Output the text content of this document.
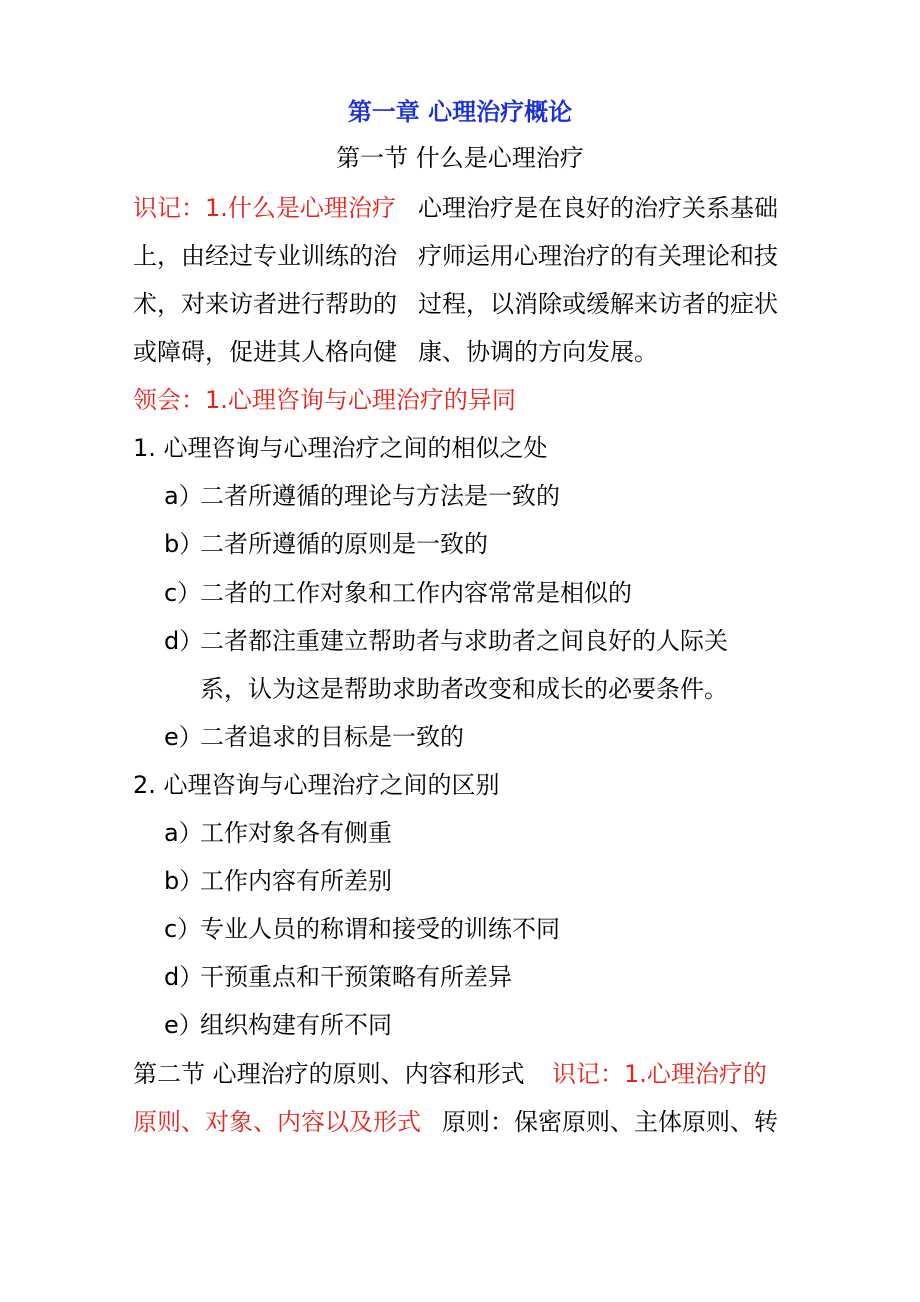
第一章 心理治疗概论
第一节 什么是心理治疗
识记：1.什么是心理治疗 心理治疗是在良好的治疗关系基础
上，由经过专业训练的治 疗师运用心理治疗的有关理论和技
术，对来访者进行帮助的 过程，以消除或缓解来访者的症状
或障碍，促进其人格向健 康、协调的方向发展。
领会：1.心理咨询与心理治疗的异同
1. 心理咨询与心理治疗之间的相似之处
a）
二者所遵循的理论与方法是一致的
b）
二者所遵循的原则是一致的
c）
二者的工作对象和工作内容常常是相似的
d）
二者都注重建立帮助者与求助者之间良好的人际关
系，认为这是帮助求助者改变和成长的必要条件。
e）
二者追求的目标是一致的
2. 心理咨询与心理治疗之间的区别
a）
工作对象各有侧重
b）
工作内容有所差别
c）
专业人员的称谓和接受的训练不同
d）
干预重点和干预策略有所差异
e）
组织构建有所不同
第二节 心理治疗的原则、内容和形式 识记：1.心理治疗的
原则、对象、内容以及形式 原则：保密原则、主体原则、转
